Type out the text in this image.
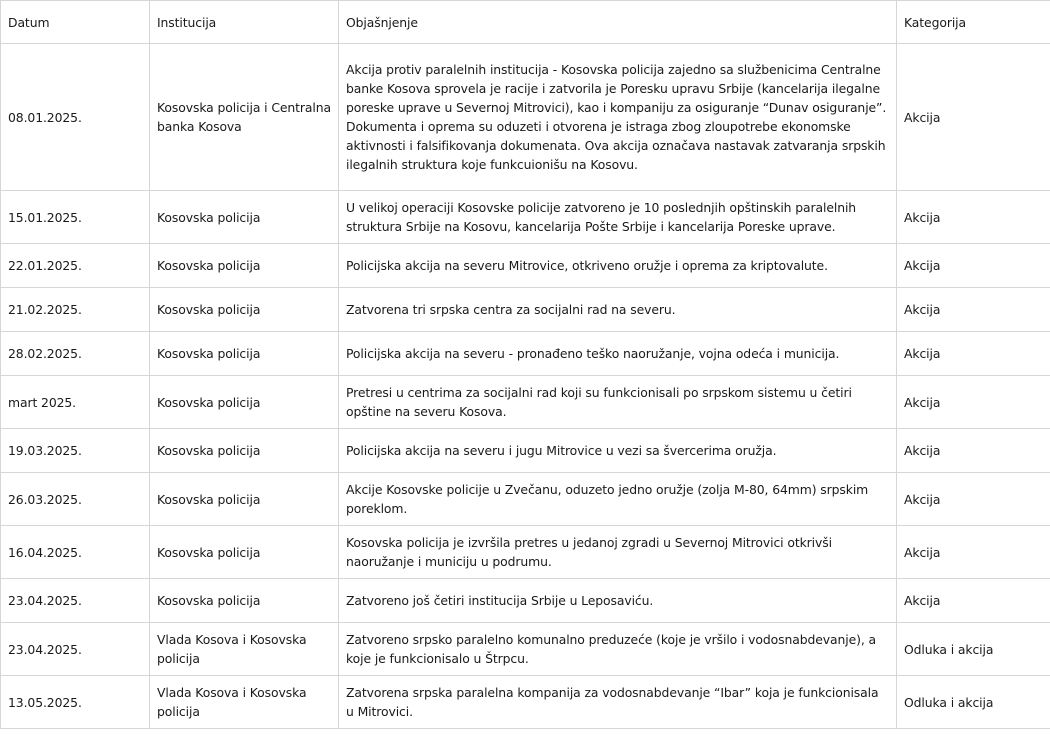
Datum	Institucija	Objašnjenje	Kategorija
08.01.2025.	Kosovska policija i Centralna banka Kosova	Akcija protiv paralelnih institucija - Kosovska policija zajedno sa službenicima Centralne banke Kosova sprovela je racije i zatvorila je Poresku upravu Srbije (kancelarija ilegalne poreske uprave u Severnoj Mitrovici), kao i kompaniju za osiguranje “Dunav osiguranje”. Dokumenta i oprema su oduzeti i otvorena je istraga zbog zloupotrebe ekonomske aktivnosti i falsifikovanja dokumenata. Ova akcija označava nastavak zatvaranja srpskih ilegalnih struktura koje funkcuionišu na Kosovu.	Akcija
15.01.2025.	Kosovska policija	U velikoj operaciji Kosovske policije zatvoreno je 10 poslednjih opštinskih paralelnih struktura Srbije na Kosovu, kancelarija Pošte Srbije i kancelarija Poreske uprave.	Akcija
22.01.2025.	Kosovska policija	Policijska akcija na severu Mitrovice, otkriveno oružje i oprema za kriptovalute.	Akcija
21.02.2025.	Kosovska policija	Zatvorena tri srpska centra za socijalni rad na severu.	Akcija
28.02.2025.	Kosovska policija	Policijska akcija na severu - pronađeno teško naoružanje, vojna odeća i municija.	Akcija
mart 2025.	Kosovska policija	Pretresi u centrima za socijalni rad koji su funkcionisali po srpskom sistemu u četiri opštine na severu Kosova.	Akcija
19.03.2025.	Kosovska policija	Policijska akcija na severu i jugu Mitrovice u vezi sa švercerima oružja.	Akcija
26.03.2025.	Kosovska policija	Akcije Kosovske policije u Zvečanu, oduzeto jedno oružje (zolja M-80, 64mm) srpskim poreklom.	Akcija
16.04.2025.	Kosovska policija	Kosovska policija je izvršila pretres u jedanoj zgradi u Severnoj Mitrovici otkrivši naoružanje i municiju u podrumu.	Akcija
23.04.2025.	Kosovska policija	Zatvoreno još četiri institucija Srbije u Leposaviću.	Akcija
23.04.2025.	Vlada Kosova i Kosovska policija	Zatvoreno srpsko paralelno komunalno preduzeće (koje je vršilo i vodosnabdevanje), a koje je funkcionisalo u Štrpcu.	Odluka i akcija
13.05.2025.	Vlada Kosova i Kosovska policija	Zatvorena srpska paralelna kompanija za vodosnabdevanje “Ibar” koja je funkcionisala u Mitrovici.	Odluka i akcija
